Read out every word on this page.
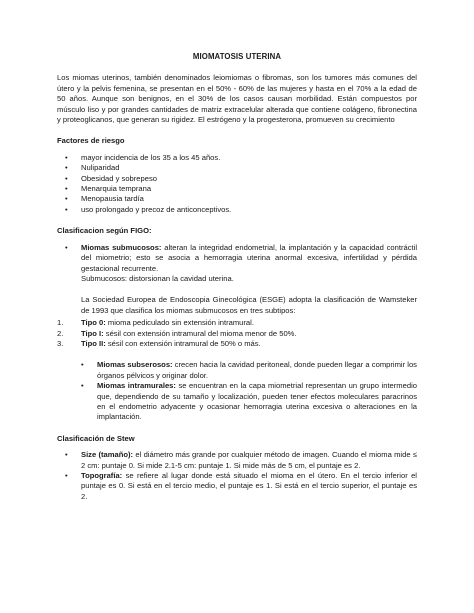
MIOMATOSIS UTERINA

Los miomas uterinos, también denominados leiomiomas o fibromas, son los tumores más comunes del útero y la pelvis femenina, se presentan en el 50% - 60% de las mujeres y hasta en el 70% a la edad de 50 años. Aunque son benignos, en el 30% de los casos causan morbilidad. Están compuestos por músculo liso y por grandes cantidades de matriz extracelular alterada que contiene colágeno, fibronectina y proteoglicanos, que generan su rigidez. El estrógeno y la progesterona, promueven su crecimiento

Factores de riesgo
• mayor incidencia de los 35 a los 45 años.
• Nuliparidad
• Obesidad y sobrepeso
• Menarquia temprana
• Menopausia tardía
• uso prolongado y precoz de anticonceptivos.
Clasificacion según FIGO:
• Miomas submucosos: alteran la integridad endometrial, la implantación y la capacidad contráctil del miometrio; esto se asocia a hemorragia uterina anormal excesiva, infertilidad y pérdida gestacional recurrente.
Submucosos: distorsionan la cavidad uterina.

La Sociedad Europea de Endoscopia Ginecológica (ESGE) adopta la clasificación de Wamsteker de 1993 que clasifica los miomas submucosos en tres subtipos:

1. Tipo 0: mioma pediculado sin extensión intramural.
2. Tipo I: sésil con extensión intramural del mioma menor de 50%.
3. Tipo II: sésil con extensión intramural de 50% o más.
• Miomas subserosos: crecen hacia la cavidad peritoneal, donde pueden llegar a comprimir los órganos pélvicos y originar dolor.
• Miomas intramurales: se encuentran en la capa miometrial representan un grupo intermedio que, dependiendo de su tamaño y localización, pueden tener efectos moleculares paracrinos en el endometrio adyacente y ocasionar hemorragia uterina excesiva o alteraciones en la implantación.
Clasificación de Stew
• Size (tamaño): el diámetro más grande por cualquier método de imagen. Cuando el mioma mide ≤ 2 cm: puntaje 0. Si mide 2.1-5 cm: puntaje 1. Si mide más de 5 cm, el puntaje es 2.
• Topografía: se refiere al lugar donde está situado el mioma en el útero. En el tercio inferior el puntaje es 0. Si está en el tercio medio, el puntaje es 1. Si está en el tercio superior, el puntaje es 2.
